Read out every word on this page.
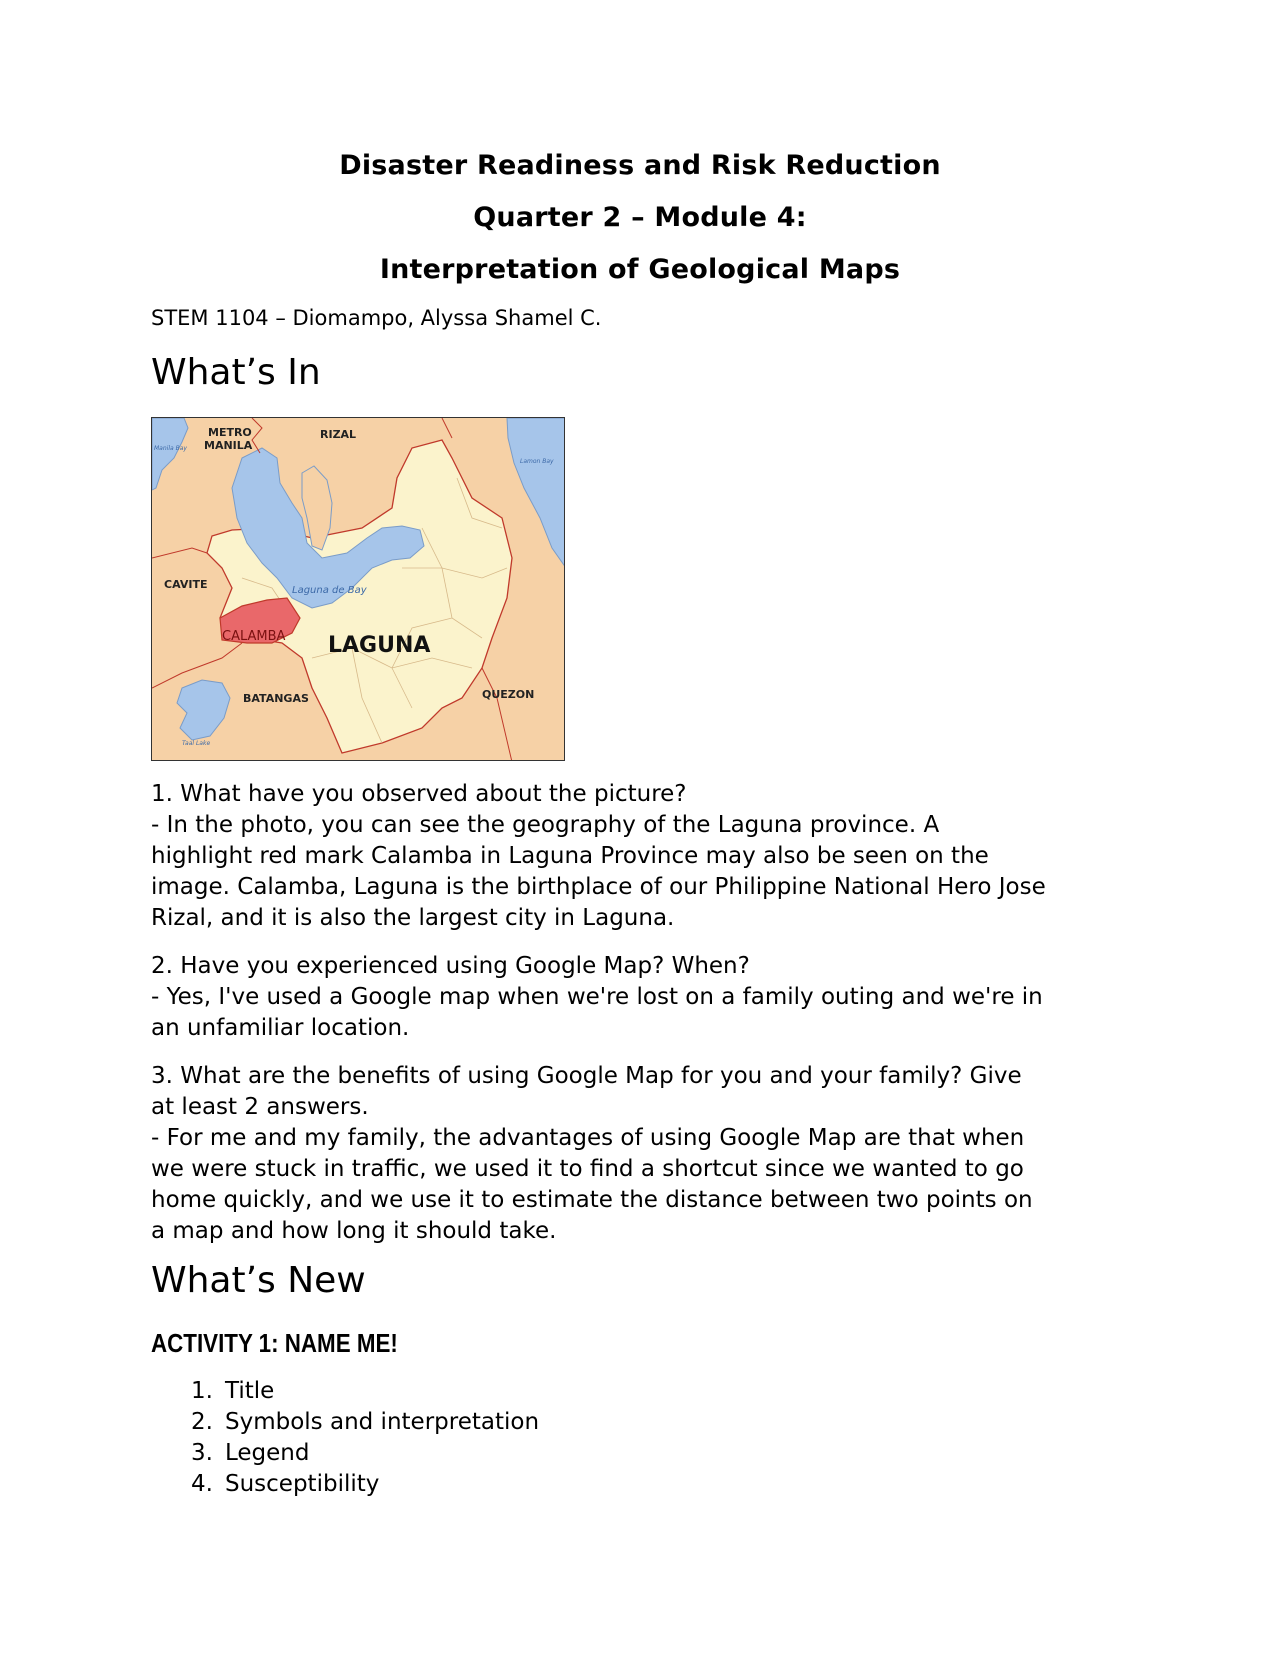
Disaster Readiness and Risk Reduction
Quarter 2 – Module 4:
Interpretation of Geological Maps
STEM 1104 – Diomampo, Alyssa Shamel C.
What’s In
METRO
MANILA
RIZAL
Manila Bay
Lamon Bay
CAVITE	Laguna de Bay
CALAMBA LAGUNA
BATANGAS	QUEZON
Taal Lake

1. What have you observed about the picture?

- In the photo, you can see the geography of the Laguna province. A

highlight red mark Calamba in Laguna Province may also be seen on the

image. Calamba, Laguna is the birthplace of our Philippine National Hero Jose

Rizal, and it is also the largest city in Laguna.

2. Have you experienced using Google Map? When?

- Yes, I've used a Google map when we're lost on a family outing and we're in

an unfamiliar location.

3. What are the benefits of using Google Map for you and your family? Give

at least 2 answers.

- For me and my family, the advantages of using Google Map are that when

we were stuck in traffic, we used it to find a shortcut since we wanted to go

home quickly, and we use it to estimate the distance between two points on

a map and how long it should take.

What’s New
ACTIVITY 1: NAME ME!
1. Title
2. Symbols and interpretation
3. Legend
4. Susceptibility
